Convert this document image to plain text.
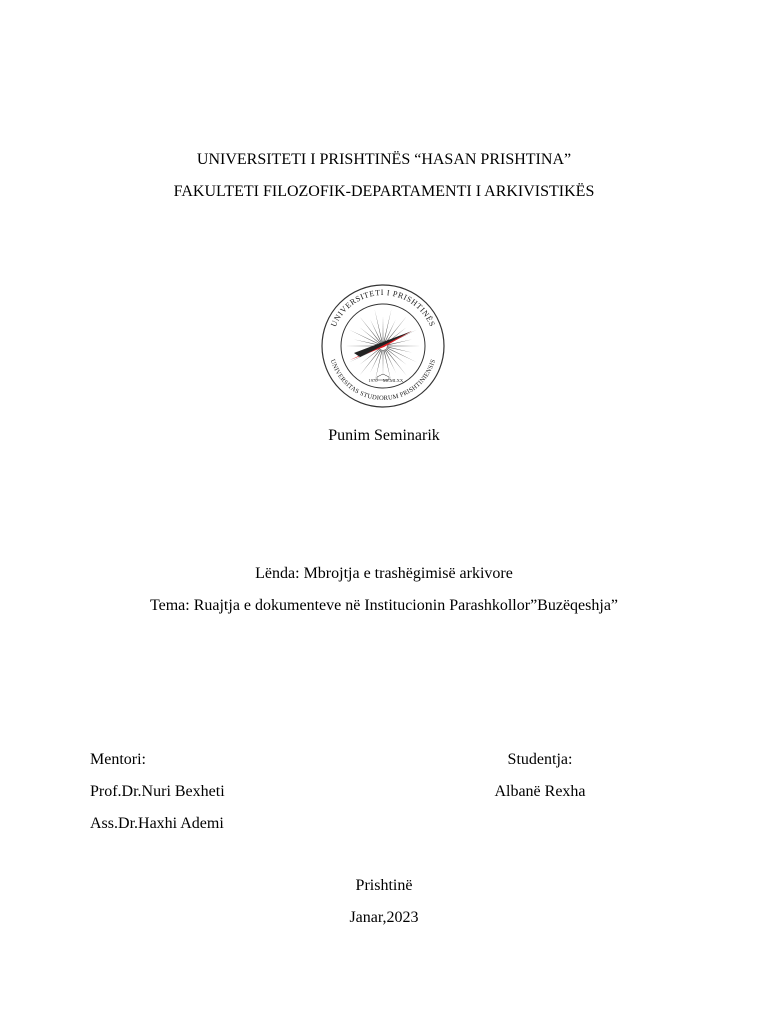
UNIVERSITETI I PRISHTINËS “HASAN PRISHTINA”
FAKULTETI FILOZOFIK-DEPARTAMENTI I ARKIVISTIKËS
UNIVERSITETI I PRISHTINËS
UNIVERSITAS STUDIORUM PRISHTINIENSIS
1970 MCMLXX
Punim Seminarik
Lënda: Mbrojtja e trashëgimisë arkivore
Tema: Ruajtja e dokumenteve në Institucionin Parashkollor”Buzëqeshja”
Mentori:
Prof.Dr.Nuri Bexheti
Ass.Dr.Haxhi Ademi
Studentja:
Albanë Rexha
Prishtinë
Janar,2023
